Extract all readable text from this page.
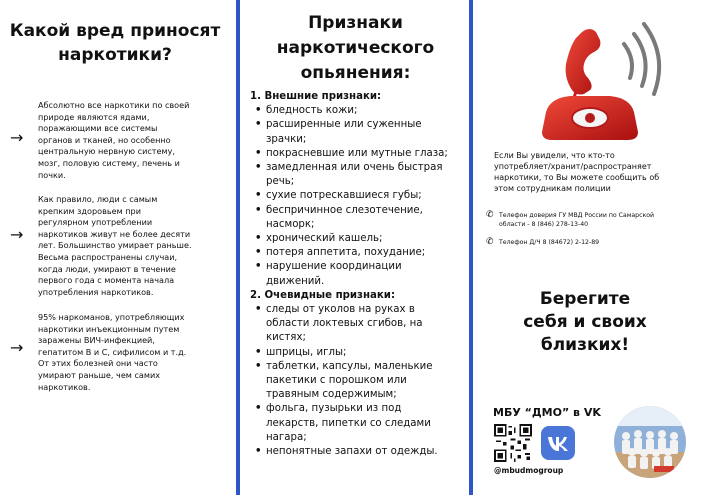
Какой вред приносят
наркотики?
→
Абсолютно все наркотики по своей
природе являются ядами,
поражающими все системы
органов и тканей, но особенно
центральную нервную систему,
мозг, половую систему, печень и
почки.
→
Как правило, люди с самым
крепким здоровьем при
регулярном употреблении
наркотиков живут не более десяти
лет. Большинство умирает раньше.
Весьма распространены случаи,
когда люди, умирают в течение
первого года с момента начала
употребления наркотиков.
→
95% наркоманов, употребляющих
наркотики инъекционным путем
заражены ВИЧ-инфекцией,
гепатитом В и С, сифилисом и т.д.
От этих болезней они часто
умирают раньше, чем самих
наркотиков.
Признаки
наркотического
опьянения:
1. Внешние признаки:
• бледность кожи;
• расширенные или суженные
зрачки;
• покрасневшие или мутные глаза;
• замедленная или очень быстрая
речь;
• сухие потрескавшиеся губы;
• беспричинное слезотечение,
насморк;
• хронический кашель;
• потеря аппетита, похудание;
• нарушение координации
движений.
2. Очевидные признаки:
• следы от уколов на руках в
области локтевых сгибов, на
кистях;
• шприцы, иглы;
• таблетки, капсулы, маленькие
пакетики с порошком или
травяным содержимым;
• фольга, пузырьки из под
лекарств, пипетки со следами
нагара;
• непонятные запахи от одежды.
Если Вы увидели, что кто-то
употребляет/хранит/распространяет
наркотики, то Вы можете сообщить об
этом сотрудникам полиции
✆ Телефон доверия ГУ МВД России по Самарской
области - 8 (846) 278-13-40
✆ Телефон Д/Ч 8 (84672) 2-12-89
Берегите
себя и своих
близких!
МБУ “ДМО” в VK
@mbudmogroup
